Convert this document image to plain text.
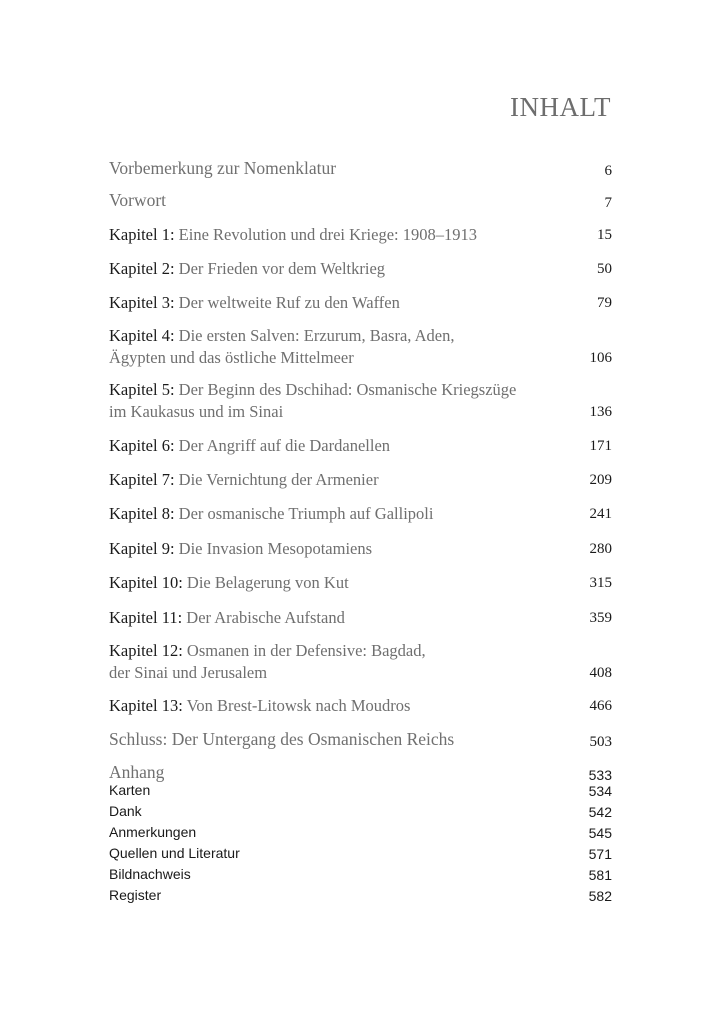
INHALT
Vorbemerkung zur Nomenklatur	6
Vorwort	7
Kapitel 1: Eine Revolution und drei Kriege: 1908–1913	15
Kapitel 2: Der Frieden vor dem Weltkrieg	50
Kapitel 3: Der weltweite Ruf zu den Waffen	79
Kapitel 4: Die ersten Salven: Erzurum, Basra, Aden,
Ägypten und das östliche Mittelmeer	106
Kapitel 5: Der Beginn des Dschihad: Osmanische Kriegszüge
im Kaukasus und im Sinai	136
Kapitel 6: Der Angriff auf die Dardanellen	171
Kapitel 7: Die Vernichtung der Armenier	209
Kapitel 8: Der osmanische Triumph auf Gallipoli	241
Kapitel 9: Die Invasion Mesopotamiens	280
Kapitel 10: Die Belagerung von Kut	315
Kapitel 11: Der Arabische Aufstand	359
Kapitel 12: Osmanen in der Defensive: Bagdad,
der Sinai und Jerusalem	408
Kapitel 13: Von Brest-Litowsk nach Moudros	466
Schluss: Der Untergang des Osmanischen Reichs	503
Anhang	533
Karten	534
Dank	542
Anmerkungen	545
Quellen und Literatur	571
Bildnachweis	581
Register	582
